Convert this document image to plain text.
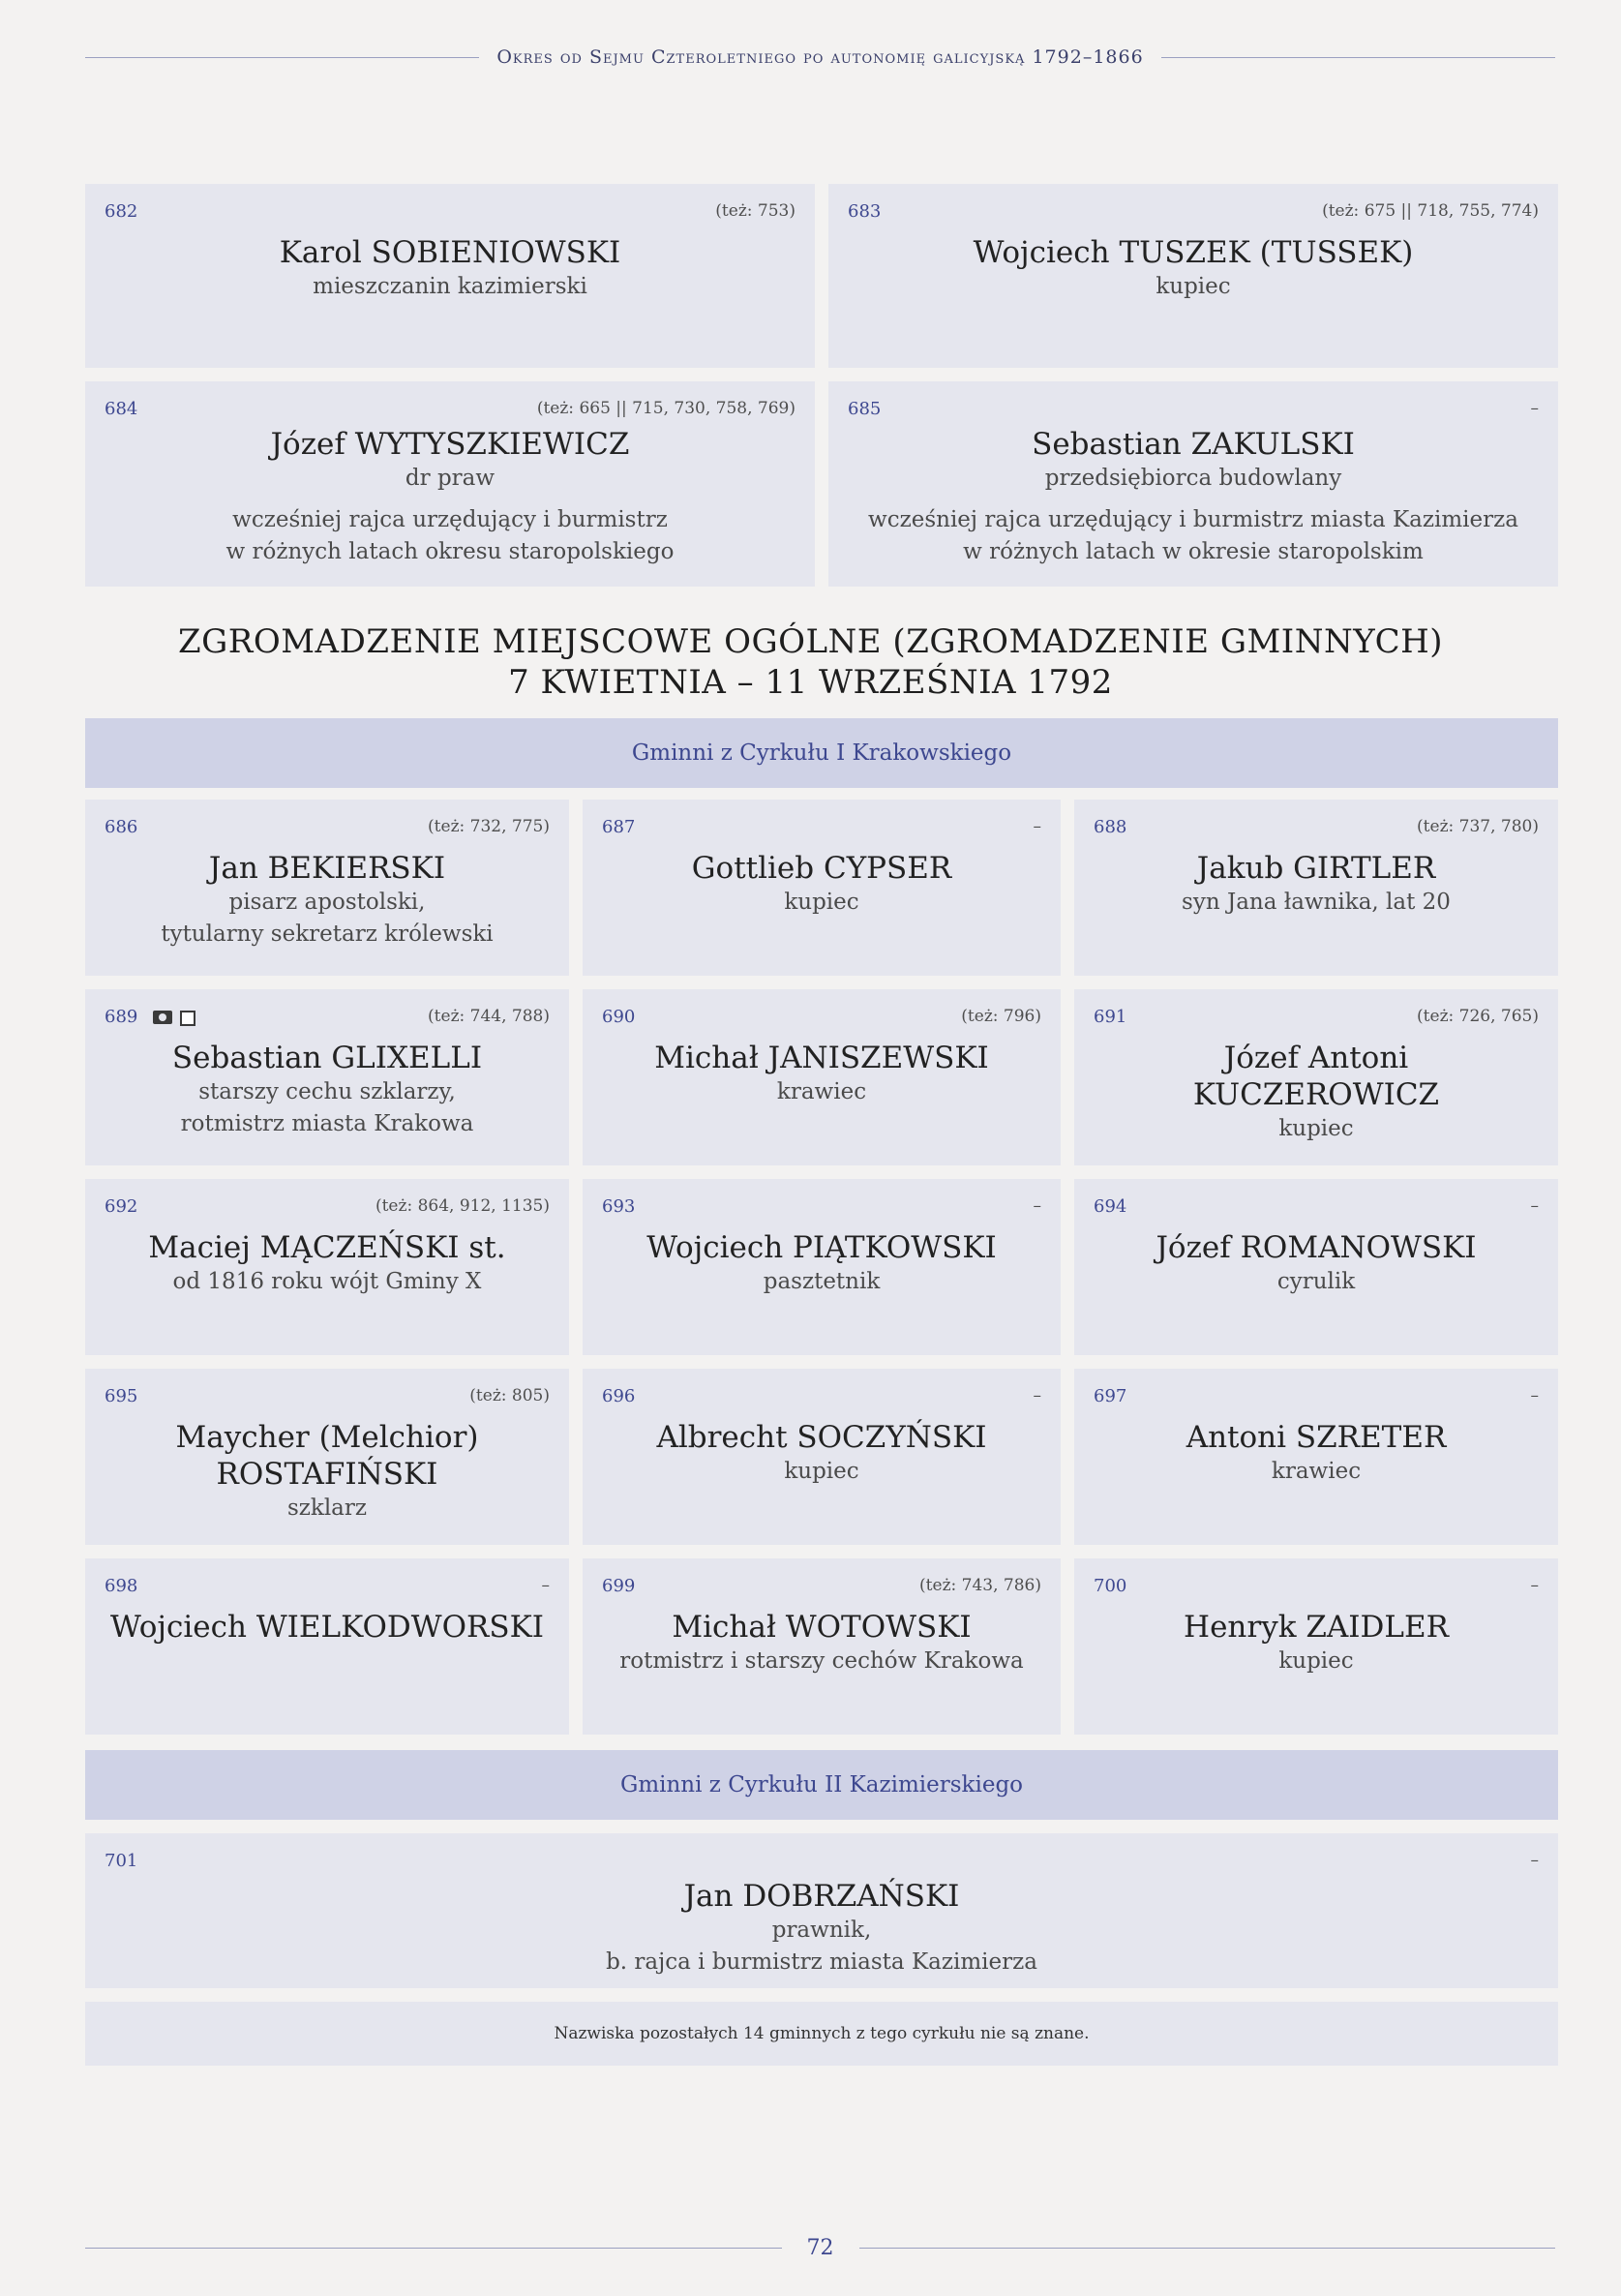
Okres od Sejmu Czteroletniego po autonomię galicyjską 1792–1866
682	(też: 753)
Karol SOBIENIOWSKI
mieszczanin kazimierski
683	(też: 675 || 718, 755, 774)
Wojciech TUSZEK (TUSSEK)
kupiec
684	(też: 665 || 715, 730, 758, 769)
Józef WYTYSZKIEWICZ
dr praw
wcześniej rajca urzędujący i burmistrz
w różnych latach okresu staropolskiego
685	–
Sebastian ZAKULSKI
przedsiębiorca budowlany
wcześniej rajca urzędujący i burmistrz miasta Kazimierza
w różnych latach w okresie staropolskim
ZGROMADZENIE MIEJSCOWE OGÓLNE (ZGROMADZENIE GMINNYCH)
7 KWIETNIA – 11 WRZEŚNIA 1792
Gminni z Cyrkułu I Krakowskiego
686	(też: 732, 775)
Jan BEKIERSKI
pisarz apostolski,
tytularny sekretarz królewski
687	–
Gottlieb CYPSER
kupiec
688	(też: 737, 780)
Jakub GIRTLER
syn Jana ławnika, lat 20
689	(też: 744, 788)
Sebastian GLIXELLI
starszy cechu szklarzy,
rotmistrz miasta Krakowa
690	(też: 796)
Michał JANISZEWSKI
krawiec
691	(też: 726, 765)
Józef Antoni
KUCZEROWICZ
kupiec
692	(też: 864, 912, 1135)
Maciej MĄCZEŃSKI st.
od 1816 roku wójt Gminy X
693	–
Wojciech PIĄTKOWSKI
pasztetnik
694	–
Józef ROMANOWSKI
cyrulik
695	(też: 805)
Maycher (Melchior)
ROSTAFIŃSKI
szklarz
696	–
Albrecht SOCZYŃSKI
kupiec
697	–
Antoni SZRETER
krawiec
698	–
Wojciech WIELKODWORSKI
699	(też: 743, 786)
Michał WOTOWSKI
rotmistrz i starszy cechów Krakowa
700	–
Henryk ZAIDLER
kupiec
Gminni z Cyrkułu II Kazimierskiego
701	–
Jan DOBRZAŃSKI
prawnik,
b. rajca i burmistrz miasta Kazimierza
Nazwiska pozostałych 14 gminnych z tego cyrkułu nie są znane.
72
